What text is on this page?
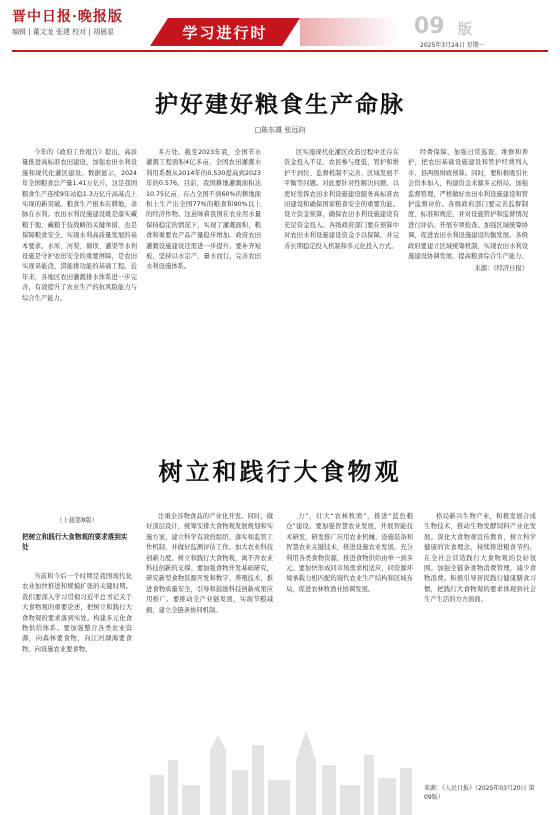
晋中日报·晚报版
编辑 | 董文龙 张建 校对 | 胡晨星	学习进行时	09 版
2025年3月24日 星期一
护好建好粮食生产命脉
□陈东雄 张远向
今年的《政府工作报告》提出，高质量推进高标准农田建设，加强农田水利设施和现代化灌区建设。数据显示，2024年全国粮食总产量1.41万亿斤，这是我国粮食生产连续9年站稳1.3万亿斤高基点上实现的新突破。粮食生产根本在耕地，命脉在水利。农田水利设施建设既是落实藏粮于地、藏粮于技战略的关键举措，也是保障粮食安全、实现水利高质量发展的基本要求。水库、河渠、塘坝、灌渠等水利设施是守护农田安全的重要屏障，是农田实现旱能浇、涝能排功能的基础工程。近年来，各地区农田灌溉排水体系进一步完善，有效提升了农业生产的抗风险能力与综合生产能力。
多万处。截至2023年底，全国节水灌溉工程面积4亿多亩，全国农田灌溉水利用系数从2014年的0.530提高到2023年的0.576。目前，我国耕地灌溉面积达10.75亿亩，在占全国不到60%的耕地面积上生产出全国77%的粮食和90%以上的经济作物。这意味着我国在农业用水量保持稳定的情况下，实现了灌溉面积、粮食和重要农产品产量稳步增加。政府农田灌溉设施建设还需进一步提升。要补齐短板，坚持以水定产、量水而行，完善农田水利设施体系。
区实施现代化灌区改造过程中还存在资金投入不足、农民参与度低、管护和维护不到位、监督机制不完善、区域发展不平衡等问题。对此要针对性解决问题，以更好发挥农田水利设施建设服务高标准农田建设和确保国家粮食安全的重要功能。设立资金预算，确保农田水利设施建设有充足资金投入。各级政府部门要在预算中对农田水利设施建设资金予以保障，并完善长期稳定投入机制和多元化投入方式。
经费保障，加强日常巡查、维修和养护，把农田基础设施建设和管护经费列入市、县两级财政预算。同时，要积极吸引社会资本加入，构建资金来源多元格局。加强监督管理，严格做好农田水利设施建设和管护监督评价。各级政府部门要完善监督制度、标准和规范，并对设施管护和监督情况进行评估，开展专项检查。加强区域统筹协调，促进农田水利设施建设均衡发展。各级政府要建立区域统筹机制，实现农田水利设施建设协调发展，提高粮食综合生产能力。
来源：《经济日报》
树立和践行大食物观
（上接第8版）
把树立和践行大食物观的要求落到实处
当前和今后一个时期是我国现代化农业加快推进和规模扩张的关键时期。我们要深入学习贯彻习近平总书记关于大食物观的重要论述，把树立和践行大食物观的要求落到实处。构建多元化食物供给体系。要加强整合各类农业资源，向森林要食物，向江河湖海要食物，向设施农业要食物。
注重全谷物食品的产业化开发。同时，做好顶层设计，统筹安排大食物观发展规划和实施方案，建立科学有效的组织、落实和监管工作机制，并做好监测评估工作。加大农业科技创新力度。树立和践行大食物观，离不开农业科技创新的支撑。要加强食物开发基础研究，研究新型食物资源开发和数字、养殖技术，推进食物质量安全，引导和鼓励科技创新成果应用推广。要推动全产业链发展，实现节粮减损，建立全链条协同机制。
力”，壮大“农林牧渔”，推进“蓝色粮仓”建设。要加强智慧农业发展，开展智能技术研发，研发推广应用农业机械、设施装备和智慧农业关键技术，推进设施农业发展。充分利用各类食物资源，推进食物供给由单一到多元。要加快形成同市场需求相适应、同资源环境承载力相匹配的现代农业生产结构和区域布局，促进农林牧渔业协调发展。
格局新兴生物产业，积极发展合成生物技术，推动生物发酵饲料产业化发展。深化大食物观宣传教育，树立科学健康的饮食理念，持续推进粮食节约，在全社会营造践行大食物观的良好氛围。加强全链条食物消费管理，减少食物浪费。积极引导居民践行健康膳食习惯，把践行大食物观的要求体现到社会生产生活的方方面面。
来源：《人民日报》（2025年03月20日 第09版）
